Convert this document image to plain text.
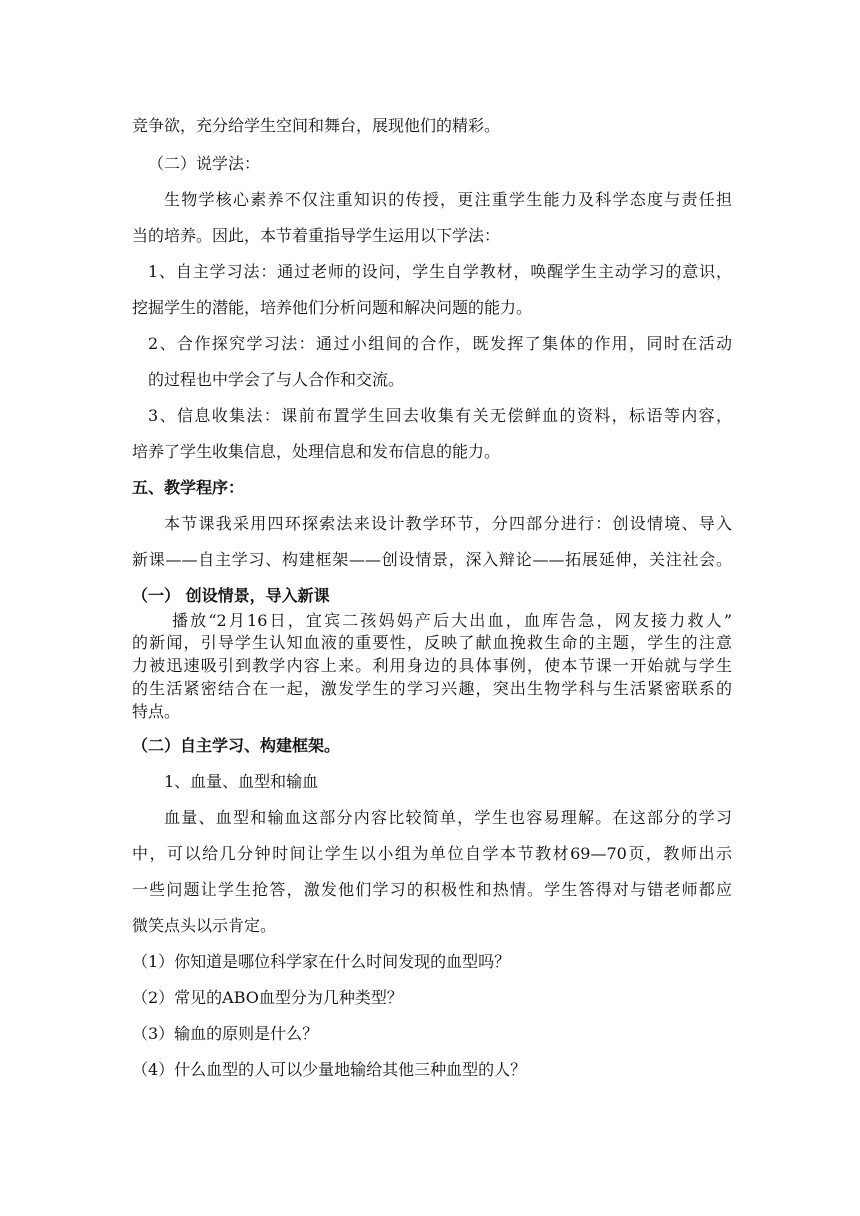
竞争欲，充分给学生空间和舞台，展现他们的精彩。
（二）说学法：
生物学核心素养不仅注重知识的传授，更注重学生能力及科学态度与责任担
当的培养。因此，本节着重指导学生运用以下学法：
1、自主学习法：通过老师的设问，学生自学教材，唤醒学生主动学习的意识，
挖掘学生的潜能，培养他们分析问题和解决问题的能力。
2、合作探究学习法：通过小组间的合作，既发挥了集体的作用，同时在活动
的过程也中学会了与人合作和交流。
3、信息收集法：课前布置学生回去收集有关无偿鲜血的资料，标语等内容，
培养了学生收集信息，处理信息和发布信息的能力。
五、教学程序：
本节课我采用四环探索法来设计教学环节，分四部分进行：创设情境、导入
新课——自主学习、构建框架——创设情景，深入辩论——拓展延伸，关注社会。
（一） 创设情景，导入新课
播放“2月16日，宜宾二孩妈妈产后大出血，血库告急，网友接力救人”
的新闻，引导学生认知血液的重要性，反映了献血挽救生命的主题，学生的注意
力被迅速吸引到教学内容上来。利用身边的具体事例，使本节课一开始就与学生
的生活紧密结合在一起，激发学生的学习兴趣，突出生物学科与生活紧密联系的
特点。
（二）自主学习、构建框架。
1、血量、血型和输血
血量、血型和输血这部分内容比较简单，学生也容易理解。在这部分的学习
中，可以给几分钟时间让学生以小组为单位自学本节教材69—70页，教师出示
一些问题让学生抢答，激发他们学习的积极性和热情。学生答得对与错老师都应
微笑点头以示肯定。
（1）你知道是哪位科学家在什么时间发现的血型吗？
（2）常见的ABO血型分为几种类型？
（3）输血的原则是什么？
（4）什么血型的人可以少量地输给其他三种血型的人？
